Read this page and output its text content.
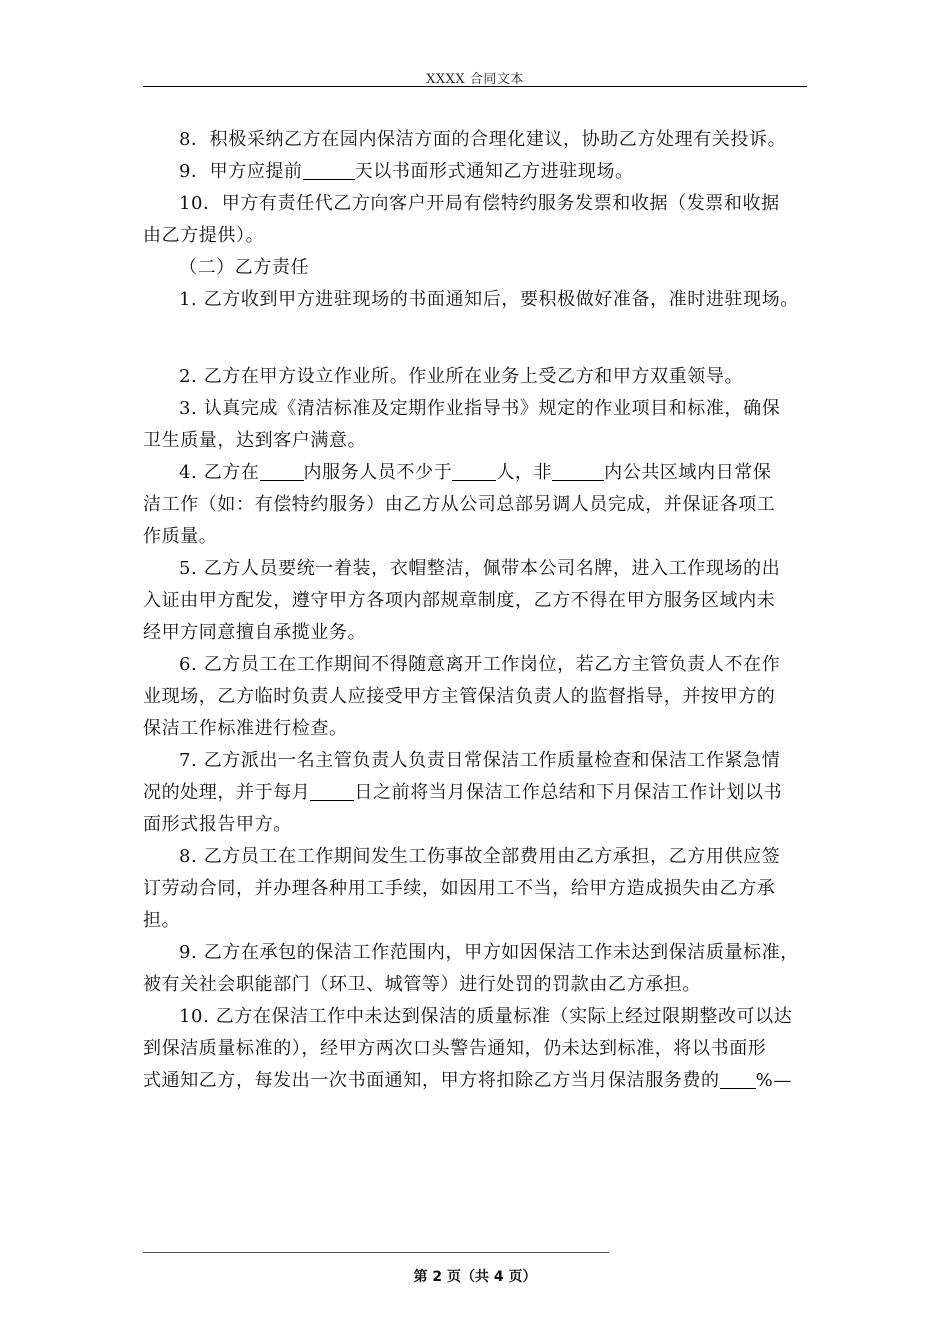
XXXX 合同文本

8．积极采纳乙方在园内保洁方面的合理化建议，协助乙方处理有关投诉。

9．甲方应提前	天以书面形式通知乙方进驻现场。

10．甲方有责任代乙方向客户开局有偿特约服务发票和收据（发票和收据
由乙方提供）。

（二）乙方责任

1. 乙方收到甲方进驻现场的书面通知后，要积极做好准备，准时进驻现场。

2. 乙方在甲方设立作业所。作业所在业务上受乙方和甲方双重领导。

3. 认真完成《清洁标准及定期作业指导书》规定的作业项目和标准，确保
卫生质量，达到客户满意。
4. 乙方在 内服务人员不少于 人，非	内公共区域内日常保
洁工作（如：有偿特约服务）由乙方从公司总部另调人员完成，并保证各项工
作质量。
5. 乙方人员要统一着装，衣帽整洁，佩带本公司名牌，进入工作现场的出
入证由甲方配发，遵守甲方各项内部规章制度，乙方不得在甲方服务区域内未
经甲方同意擅自承揽业务。
6. 乙方员工在工作期间不得随意离开工作岗位，若乙方主管负责人不在作
业现场，乙方临时负责人应接受甲方主管保洁负责人的监督指导，并按甲方的
保洁工作标准进行检查。
7. 乙方派出一名主管负责人负责日常保洁工作质量检查和保洁工作紧急情
况的处理，并于每月 日之前将当月保洁工作总结和下月保洁工作计划以书
面形式报告甲方。
8. 乙方员工在工作期间发生工伤事故全部费用由乙方承担，乙方用供应签
订劳动合同，并办理各种用工手续，如因用工不当，给甲方造成损失由乙方承
担。
9. 乙方在承包的保洁工作范围内，甲方如因保洁工作未达到保洁质量标准，
被有关社会职能部门（环卫、城管等）进行处罚的罚款由乙方承担。
10. 乙方在保洁工作中未达到保洁的质量标准（实际上经过限期整改可以达
到保洁质量标准的），经甲方两次口头警告通知，仍未达到标准，将以书面形
式通知乙方，每发出一次书面通知，甲方将扣除乙方当月保洁服务费的 %—
第 2 页（共 4 页）
